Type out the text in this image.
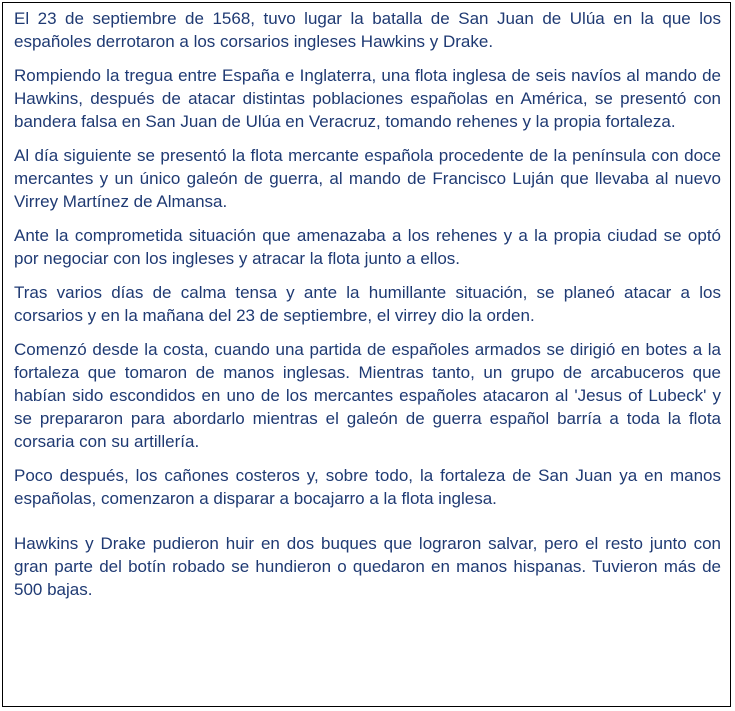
El 23 de septiembre de 1568, tuvo lugar la batalla de San Juan de Ulúa en la que los españoles derrotaron a los corsarios ingleses Hawkins y Drake.

Rompiendo la tregua entre España e Inglaterra, una flota inglesa de seis navíos al mando de Hawkins, después de atacar distintas poblaciones españolas en América, se presentó con bandera falsa en San Juan de Ulúa en Veracruz, tomando rehenes y la propia fortaleza.

Al día siguiente se presentó la flota mercante española procedente de la península con doce mercantes y un único galeón de guerra, al mando de Francisco Luján que llevaba al nuevo Virrey Martínez de Almansa.

Ante la comprometida situación que amenazaba a los rehenes y a la propia ciudad se optó por negociar con los ingleses y atracar la flota junto a ellos.

Tras varios días de calma tensa y ante la humillante situación, se planeó atacar a los corsarios y en la mañana del 23 de septiembre, el virrey dio la orden.

Comenzó desde la costa, cuando una partida de españoles armados se dirigió en botes a la fortaleza que tomaron de manos inglesas. Mientras tanto, un grupo de arcabuceros que habían sido escondidos en uno de los mercantes españoles atacaron al 'Jesus of Lubeck' y se prepararon para abordarlo mientras el galeón de guerra español barría a toda la flota corsaria con su artillería.

Poco después, los cañones costeros y, sobre todo, la fortaleza de San Juan ya en manos españolas, comenzaron a disparar a bocajarro a la flota inglesa.

Hawkins y Drake pudieron huir en dos buques que lograron salvar, pero el resto junto con gran parte del botín robado se hundieron o quedaron en manos hispanas. Tuvieron más de 500 bajas.
